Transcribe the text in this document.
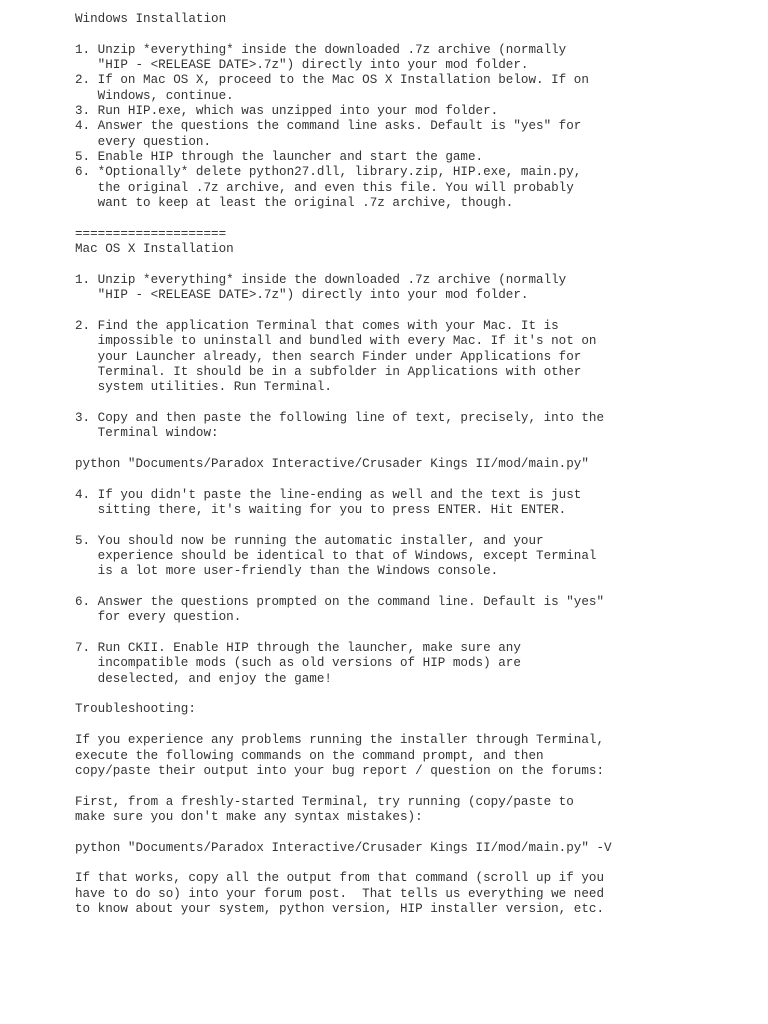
Windows Installation
1. Unzip *everything* inside the downloaded .7z archive (normally
"HIP - <RELEASE DATE>.7z") directly into your mod folder.
2. If on Mac OS X, proceed to the Mac OS X Installation below. If on
Windows, continue.
3. Run HIP.exe, which was unzipped into your mod folder.
4. Answer the questions the command line asks. Default is "yes" for
every question.
5. Enable HIP through the launcher and start the game.
6. *Optionally* delete python27.dll, library.zip, HIP.exe, main.py,
the original .7z archive, and even this file. You will probably
want to keep at least the original .7z archive, though.
====================
Mac OS X Installation
1. Unzip *everything* inside the downloaded .7z archive (normally
"HIP - <RELEASE DATE>.7z") directly into your mod folder.
2. Find the application Terminal that comes with your Mac. It is
impossible to uninstall and bundled with every Mac. If it's not on
your Launcher already, then search Finder under Applications for
Terminal. It should be in a subfolder in Applications with other
system utilities. Run Terminal.
3. Copy and then paste the following line of text, precisely, into the
Terminal window:
python "Documents/Paradox Interactive/Crusader Kings II/mod/main.py"
4. If you didn't paste the line-ending as well and the text is just
sitting there, it's waiting for you to press ENTER. Hit ENTER.
5. You should now be running the automatic installer, and your
experience should be identical to that of Windows, except Terminal
is a lot more user-friendly than the Windows console.
6. Answer the questions prompted on the command line. Default is "yes"
for every question.
7. Run CKII. Enable HIP through the launcher, make sure any
incompatible mods (such as old versions of HIP mods) are
deselected, and enjoy the game!
Troubleshooting:
If you experience any problems running the installer through Terminal,
execute the following commands on the command prompt, and then
copy/paste their output into your bug report / question on the forums:
First, from a freshly-started Terminal, try running (copy/paste to
make sure you don't make any syntax mistakes):
python "Documents/Paradox Interactive/Crusader Kings II/mod/main.py" -V
If that works, copy all the output from that command (scroll up if you
have to do so) into your forum post.  That tells us everything we need
to know about your system, python version, HIP installer version, etc.
